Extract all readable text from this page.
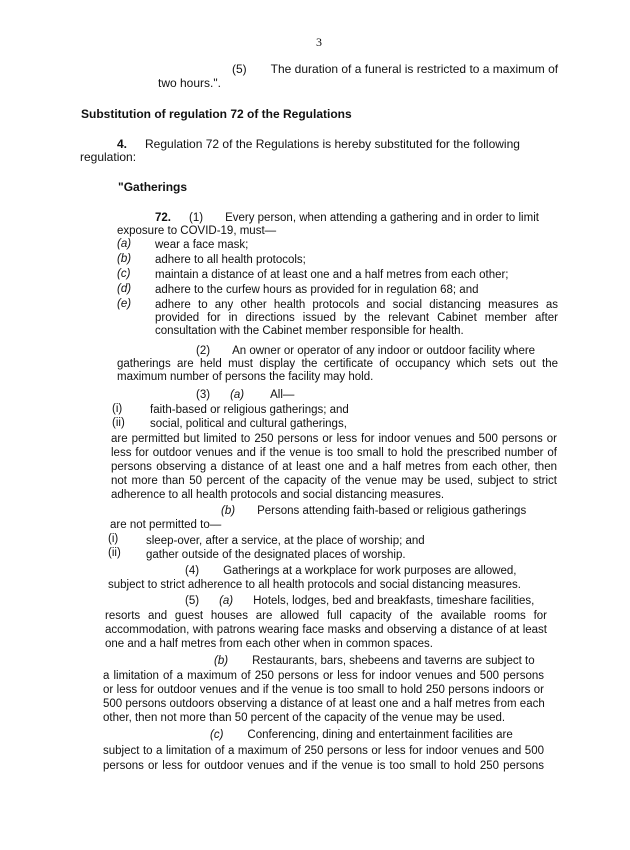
3
(5) The duration of a funeral is restricted to a maximum of
two hours.".
Substitution of regulation 72 of the Regulations
4. Regulation 72 of the Regulations is hereby substituted for the following
regulation:
"Gatherings
72. (1) Every person, when attending a gathering and in order to limit
exposure to COVID-19, must—
(a) wear a face mask;
(b) adhere to all health protocols;
(c) maintain a distance of at least one and a half metres from each other;
(d) adhere to the curfew hours as provided for in regulation 68; and
(e) adhere to any other health protocols and social distancing measures as
provided for in directions issued by the relevant Cabinet member after
consultation with the Cabinet member responsible for health.
(2) An owner or operator of any indoor or outdoor facility where
gatherings are held must display the certificate of occupancy which sets out the
maximum number of persons the facility may hold.
(3) (a) All—
(i) faith-based or religious gatherings; and
(ii) social, political and cultural gatherings,
are permitted but limited to 250 persons or less for indoor venues and 500 persons or
less for outdoor venues and if the venue is too small to hold the prescribed number of
persons observing a distance of at least one and a half metres from each other, then
not more than 50 percent of the capacity of the venue may be used, subject to strict
adherence to all health protocols and social distancing measures.
(b) Persons attending faith-based or religious gatherings
are not permitted to—
(i) sleep-over, after a service, at the place of worship; and
(ii) gather outside of the designated places of worship.
(4) Gatherings at a workplace for work purposes are allowed,
subject to strict adherence to all health protocols and social distancing measures.
(5) (a) Hotels, lodges, bed and breakfasts, timeshare facilities,
resorts and guest houses are allowed full capacity of the available rooms for
accommodation, with patrons wearing face masks and observing a distance of at least
one and a half metres from each other when in common spaces.
(b) Restaurants, bars, shebeens and taverns are subject to
a limitation of a maximum of 250 persons or less for indoor venues and 500 persons
or less for outdoor venues and if the venue is too small to hold 250 persons indoors or
500 persons outdoors observing a distance of at least one and a half metres from each
other, then not more than 50 percent of the capacity of the venue may be used.
(c) Conferencing, dining and entertainment facilities are
subject to a limitation of a maximum of 250 persons or less for indoor venues and 500
persons or less for outdoor venues and if the venue is too small to hold 250 persons
